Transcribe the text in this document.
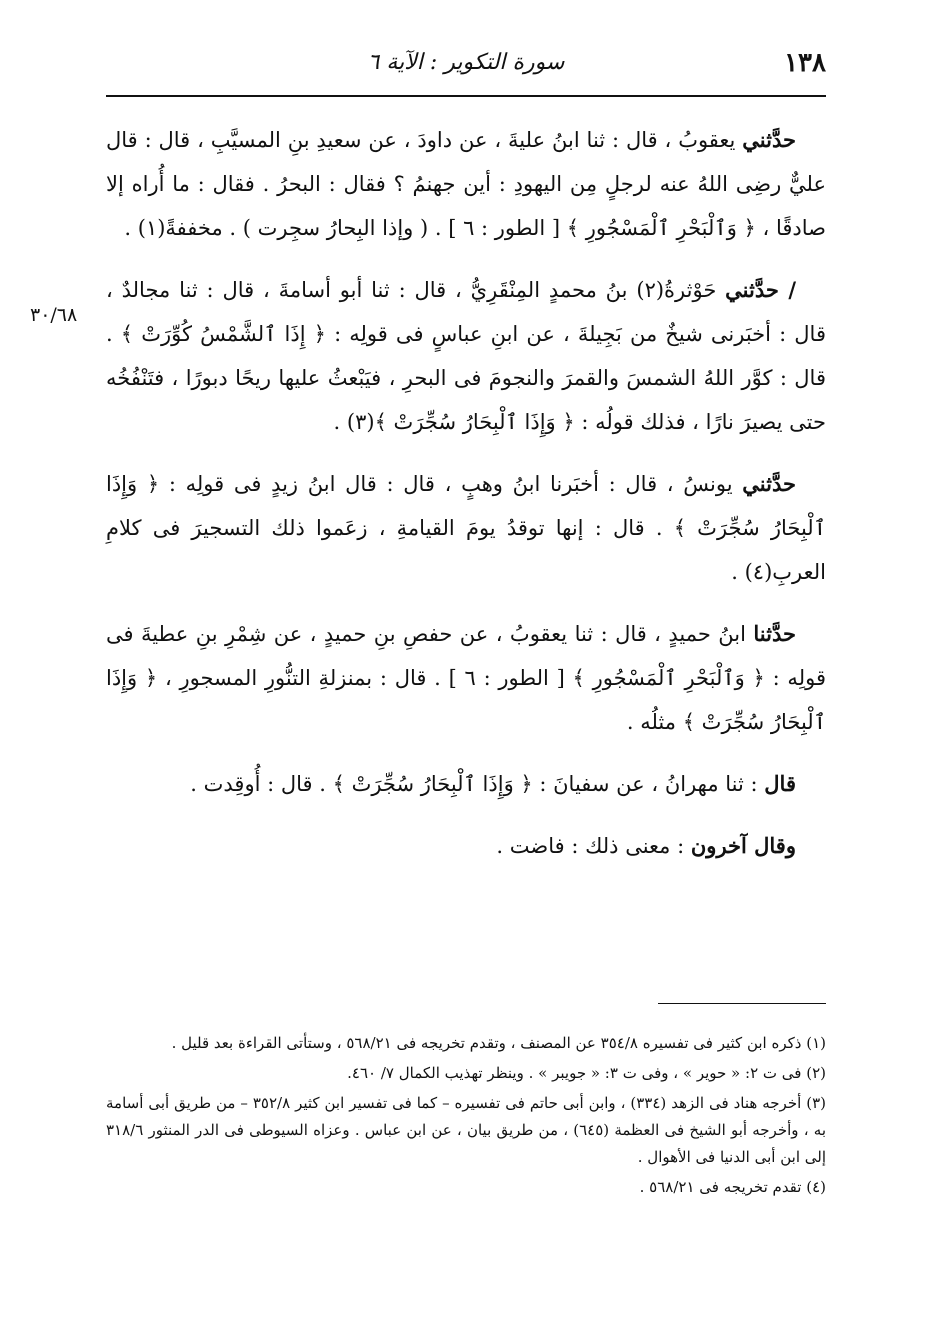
١٣٨
سورة التكوير : الآية ٦
٣٠/٦٨

حدَّثني يعقوبُ ، قال : ثنا ابنُ عليةَ ، عن داودَ ، عن سعيدِ بنِ المسيَّبِ ، قال : قال عليٌّ رضِى اللهُ عنه لرجلٍ مِن اليهودِ : أين جهنمُ ؟ فقال : البحرُ . فقال : ما أُراه إلا صادقًا ، ﴿ وَٱلْبَحْرِ ٱلْمَسْجُورِ ﴾ [ الطور : ٦ ] . ( وإذا البِحارُ سجِرت ) . مخففةً(١) .

/ حدَّثني حَوْثرةُ(٢) بنُ محمدٍ المِنْقَرِيُّ ، قال : ثنا أبو أسامةَ ، قال : ثنا مجالدٌ ، قال : أخبَرنى شيخٌ من بَجِيلةَ ، عن ابنِ عباسٍ فى قولِه : ﴿ إِذَا ٱلشَّمْسُ كُوِّرَتْ ﴾ . قال : كوَّر اللهُ الشمسَ والقمرَ والنجومَ فى البحرِ ، فيَبْعثُ عليها ريحًا دبورًا ، فتَنْفُخُه حتى يصيرَ نارًا ، فذلك قولُه : ﴿ وَإِذَا ٱلْبِحَارُ سُجِّرَتْ ﴾(٣) .

حدَّثني يونسُ ، قال : أخبَرنا ابنُ وهبٍ ، قال : قال ابنُ زيدٍ فى قولِه : ﴿ وَإِذَا ٱلْبِحَارُ سُجِّرَتْ ﴾ . قال : إنها توقدُ يومَ القيامةِ ، زعَموا ذلك التسجيرَ فى كلامِ العربِ(٤) .

حدَّثنا ابنُ حميدٍ ، قال : ثنا يعقوبُ ، عن حفصِ بنِ حميدٍ ، عن شِمْرِ بنِ عطيةَ فى قولِه : ﴿ وَٱلْبَحْرِ ٱلْمَسْجُورِ ﴾ [ الطور : ٦ ] . قال : بمنزلةِ التنُّورِ المسجورِ ، ﴿ وَإِذَا ٱلْبِحَارُ سُجِّرَتْ ﴾ مثلُه .

قال : ثنا مهرانُ ، عن سفيانَ : ﴿ وَإِذَا ٱلْبِحَارُ سُجِّرَتْ ﴾ . قال : أُوقِدت .

وقال آخرون : معنى ذلك : فاضت .

(١) ذكره ابن كثير فى تفسيره ٣٥٤/٨ عن المصنف ، وتقدم تخريجه فى ٥٦٨/٢١ ، وستأتى القراءة بعد قليل .

(٢) فى ت ٢: « حوير » ، وفى ت ٣: « جويبر » . وينظر تهذيب الكمال ٧/ ٤٦٠.

(٣) أخرجه هناد فى الزهد (٣٣٤) ، وابن أبى حاتم فى تفسيره – كما فى تفسير ابن كثير ٣٥٢/٨ – من طريق أبى أسامة به ، وأخرجه أبو الشيخ فى العظمة (٦٤٥) ، من طريق بيان ، عن ابن عباس . وعزاه السيوطى فى الدر المنثور ٣١٨/٦ إلى ابن أبى الدنيا فى الأهوال .

(٤) تقدم تخريجه فى ٥٦٨/٢١ .
